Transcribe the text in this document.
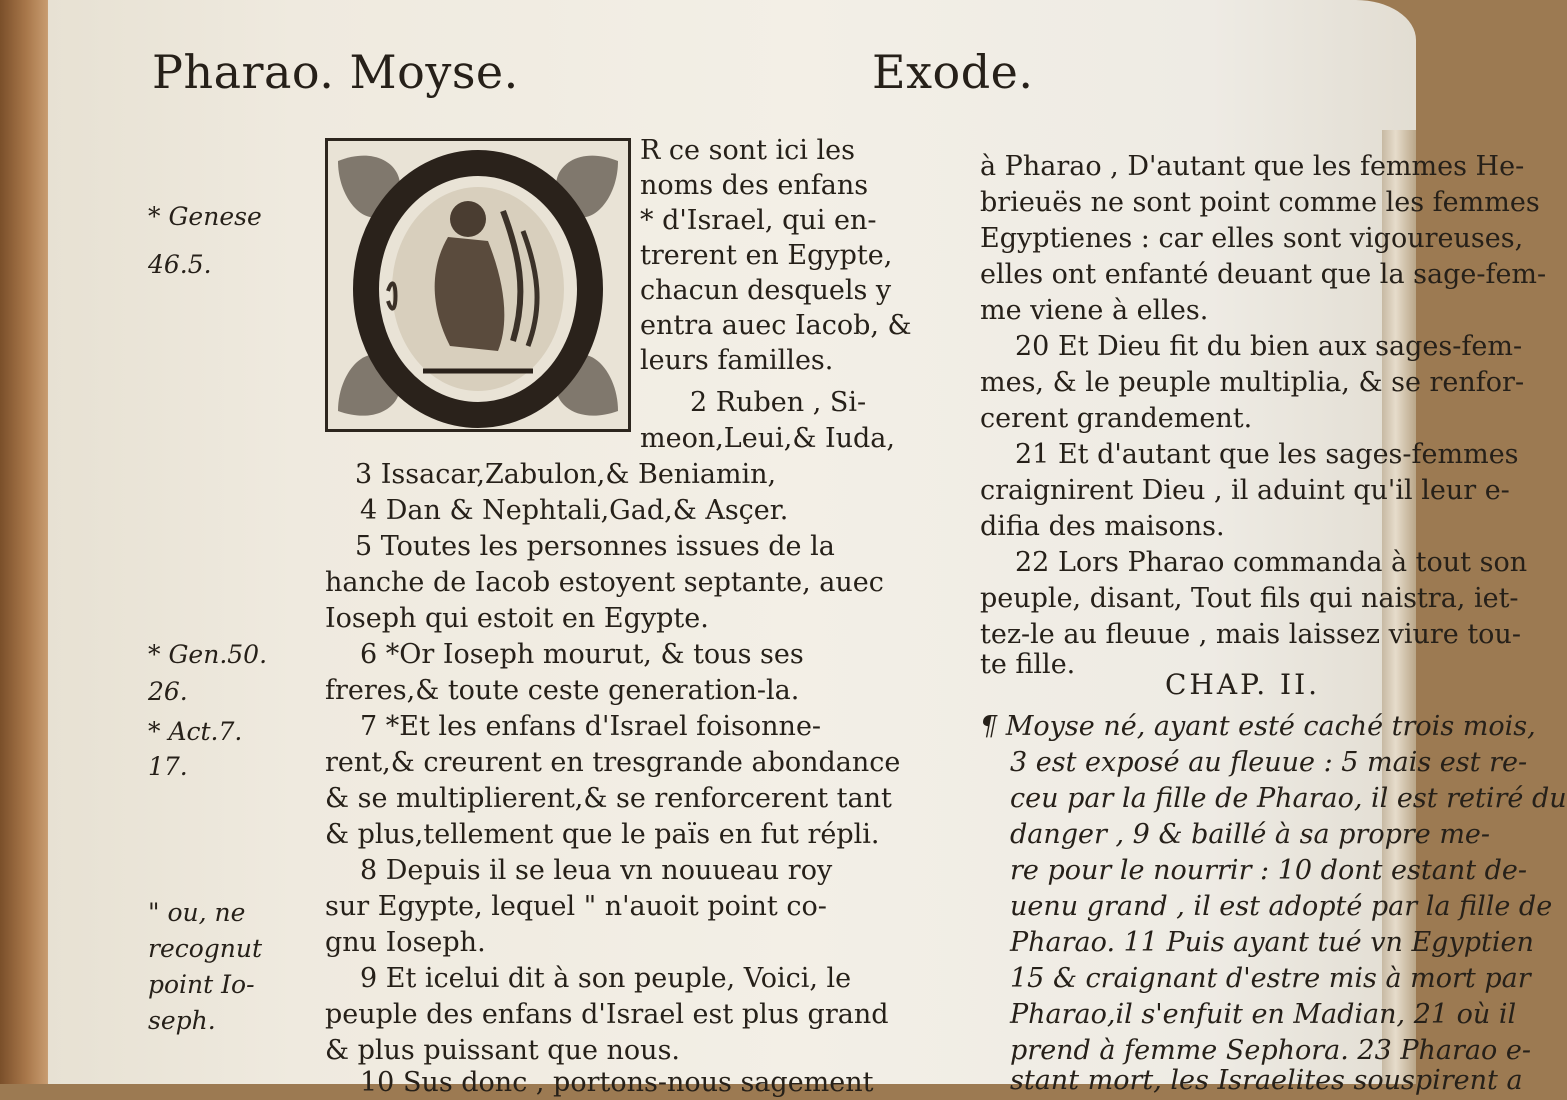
Pharao. Moyse.	Exode.
* Genese
46.5.
* Gen.50.
26.
* Act.7.
17.
" ou, ne
recognut
point Io-
seph.
R ce sont ici les
noms des enfans
* d'Israel, qui en-
trerent en Egypte,
chacun desquels y
entra auec Iacob, &
leurs familles.
2 Ruben , Si-
meon,Leui,& Iuda,
3 Issacar,Zabulon,& Beniamin,
4 Dan & Nephtali,Gad,& Asçer.
5 Toutes les personnes issues de la
hanche de Iacob estoyent septante, auec
Ioseph qui estoit en Egypte.
6 *Or Ioseph mourut, & tous ses
freres,& toute ceste generation-la.
7 *Et les enfans d'Israel foisonne-
rent,& creurent en tresgrande abondance
& se multiplierent,& se renforcerent tant
& plus,tellement que le païs en fut répli.
8 Depuis il se leua vn nouueau roy
sur Egypte, lequel " n'auoit point co-
gnu Ioseph.
9 Et icelui dit à son peuple, Voici, le
peuple des enfans d'Israel est plus grand
& plus puissant que nous.
10 Sus donc , portons-nous sagement
à Pharao , D'autant que les femmes He-
brieuës ne sont point comme les femmes
Egyptienes : car elles sont vigoureuses,
elles ont enfanté deuant que la sage-fem-
me viene à elles.
20 Et Dieu fit du bien aux sages-fem-
mes, & le peuple multiplia, & se renfor-
cerent grandement.
21 Et d'autant que les sages-femmes
craignirent Dieu , il aduint qu'il leur e-
difia des maisons.
22 Lors Pharao commanda à tout son
peuple, disant, Tout fils qui naistra, iet-
tez-le au fleuue , mais laissez viure tou-
te fille.
CHAP. II.
¶ Moyse né, ayant esté caché trois mois,
3 est exposé au fleuue : 5 mais est re-
ceu par la fille de Pharao, il est retiré du
danger , 9 & baillé à sa propre me-
re pour le nourrir : 10 dont estant de-
uenu grand , il est adopté par la fille de
Pharao. 11 Puis ayant tué vn Egyptien
15 & craignant d'estre mis à mort par
Pharao,il s'enfuit en Madian, 21 où il
prend à femme Sephora. 23 Pharao e-
stant mort, les Israelites souspirent a
